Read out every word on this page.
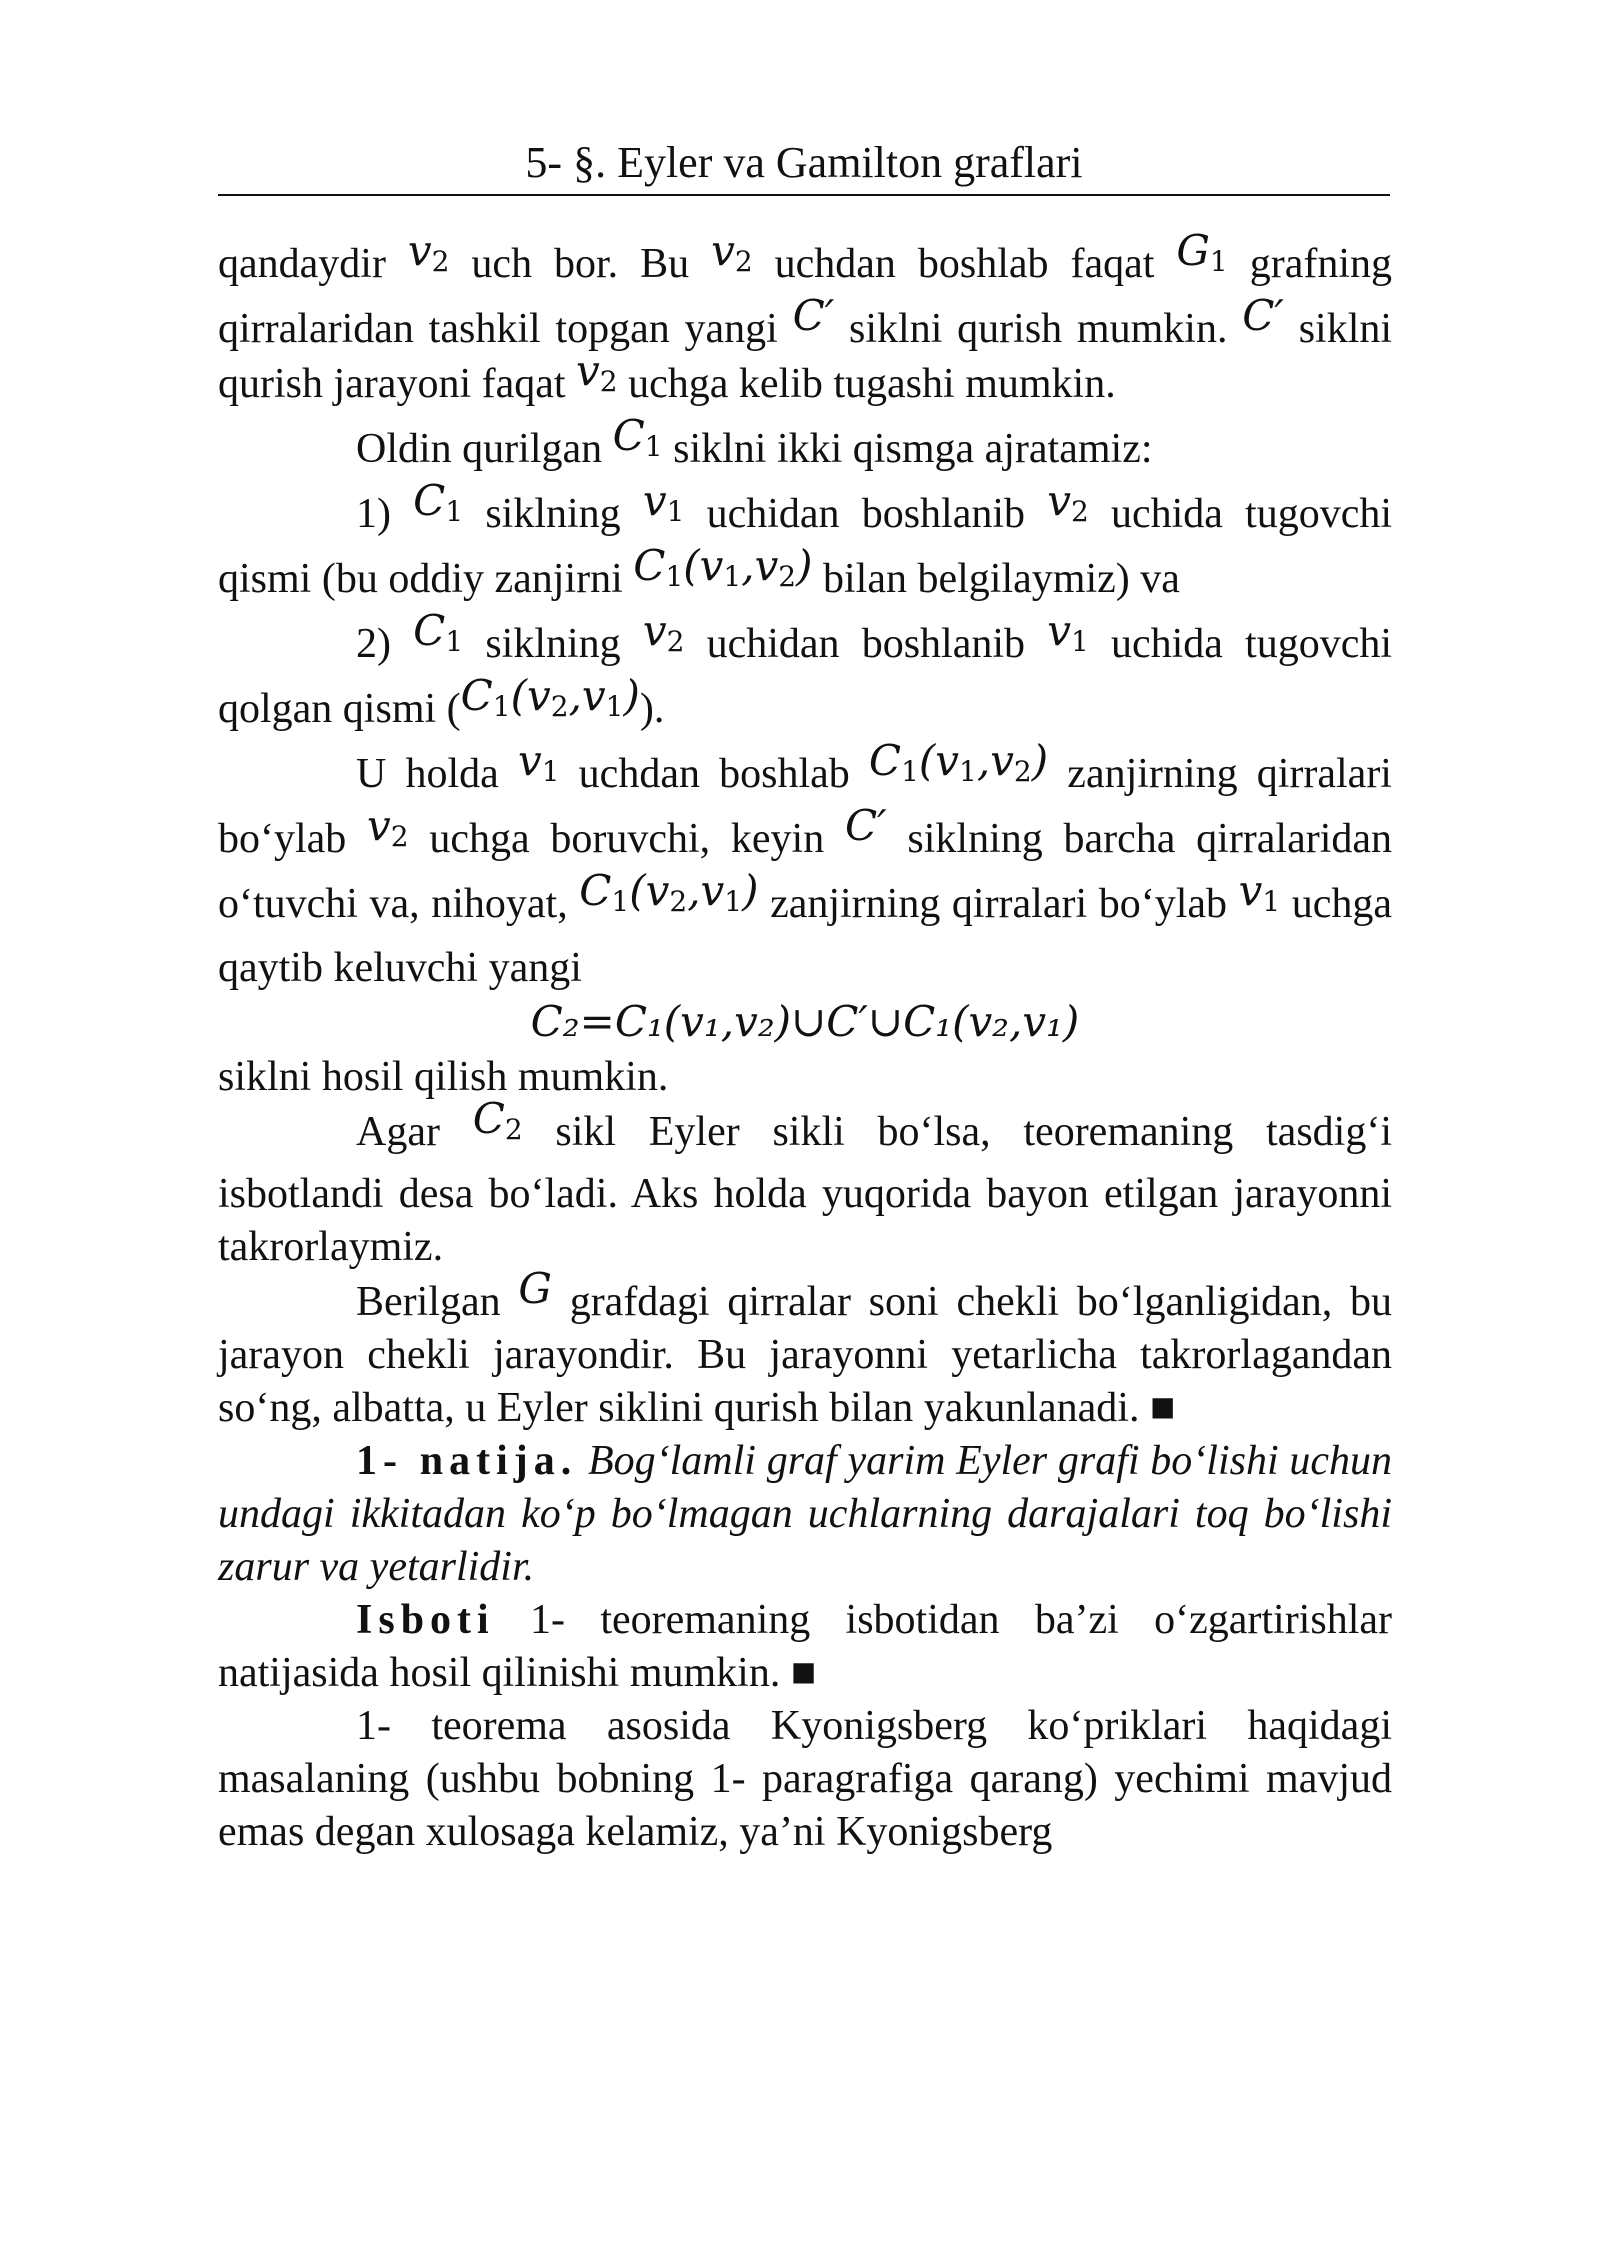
5- §. Eyler va Gamilton graflari

qandaydir $v_2$ uch bor. Bu $v_2$ uchdan boshlab faqat $G_1$ grafning qirralaridan tashkil topgan yangi C′ siklni qurish mumkin. C′ siklni qurish jarayoni faqat $v_2$ uchga kelib tugashi mumkin.

Oldin qurilgan $C_1$ siklni ikki qismga ajratamiz:

1) $C_1$ siklning $v_1$ uchidan boshlanib $v_2$ uchida tugovchi qismi (bu oddiy zanjirni $C_1(v_1,v_2)$ bilan belgilaymiz) va

2) $C_1$ siklning $v_2$ uchidan boshlanib $v_1$ uchida tugovchi qolgan qismi $(C_1(v_2,v_1))$.

U holda $v_1$ uchdan boshlab $C_1(v_1,v_2)$ zanjirning qirralari bo‘ylab $v_2$ uchga boruvchi, keyin C′ siklning barcha qirralaridan o‘tuvchi va, nihoyat, $C_1(v_2,v_1)$ zanjirning qirralari bo‘ylab $v_1$ uchga qaytib keluvchi yangi

C₂=C₁(v₁,v₂)∪C′∪C₁(v₂,v₁)

siklni hosil qilish mumkin.

Agar $C_2$ sikl Eyler sikli bo‘lsa, teoremaning tasdig‘i isbotlandi desa bo‘ladi. Aks holda yuqorida bayon etilgan jarayonni takrorlaymiz.

Berilgan G grafdagi qirralar soni chekli bo‘lganligidan, bu jarayon chekli jarayondir. Bu jarayonni yetarlicha takrorlagandan so‘ng, albatta, u Eyler siklini qurish bilan yakunlanadi. ■

1- natija. Bog‘lamli graf yarim Eyler grafi bo‘lishi uchun undagi ikkitadan ko‘p bo‘lmagan uchlarning darajalari toq bo‘lishi zarur va yetarlidir.

Isboti 1- teoremaning isbotidan ba’zi o‘zgartirishlar natijasida hosil qilinishi mumkin. ■

1- teorema asosida Kyonigsberg ko‘priklari haqidagi masalaning (ushbu bobning 1- paragrafiga qarang) yechimi mavjud emas degan xulosaga kelamiz, ya’ni Kyonigsberg
